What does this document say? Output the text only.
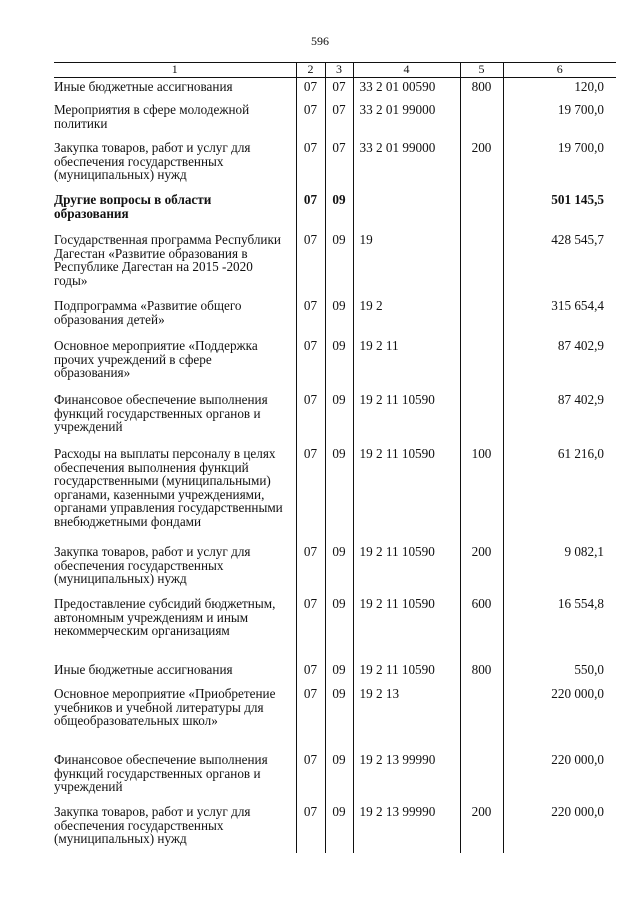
596
1	2	3	4	5	6
Иные бюджетные ассигнования	07	07	33 2 01 00590	800	120,0
Мероприятия в сфере молодежной политики	07	07	33 2 01 99000		19 700,0
Закупка товаров, работ и услуг для обеспечения государственных (муниципальных) нужд	07	07	33 2 01 99000	200	19 700,0
Другие вопросы в области образования	07	09			501 145,5
Государственная программа Республики Дагестан «Развитие образования в Республике Дагестан на 2015 -2020 годы»	07	09	19		428 545,7
Подпрограмма «Развитие общего образования детей»	07	09	19 2		315 654,4
Основное мероприятие «Поддержка прочих учреждений в сфере образования»	07	09	19 2 11		87 402,9
Финансовое обеспечение выполнения функций государственных органов и учреждений	07	09	19 2 11 10590		87 402,9
Расходы на выплаты персоналу в целях обеспечения выполнения функций государственными (муниципальными) органами, казенными учреждениями, органами управления государственными внебюджетными фондами	07	09	19 2 11 10590	100	61 216,0
Закупка товаров, работ и услуг для обеспечения государственных (муниципальных) нужд	07	09	19 2 11 10590	200	9 082,1
Предоставление субсидий бюджетным, автономным учреждениям и иным некоммерческим организациям	07	09	19 2 11 10590	600	16 554,8
Иные бюджетные ассигнования	07	09	19 2 11 10590	800	550,0
Основное мероприятие «Приобретение учебников и учебной литературы для общеобразовательных школ»	07	09	19 2 13		220 000,0
Финансовое обеспечение выполнения функций государственных органов и учреждений	07	09	19 2 13 99990		220 000,0
Закупка товаров, работ и услуг для обеспечения государственных (муниципальных) нужд	07	09	19 2 13 99990	200	220 000,0
